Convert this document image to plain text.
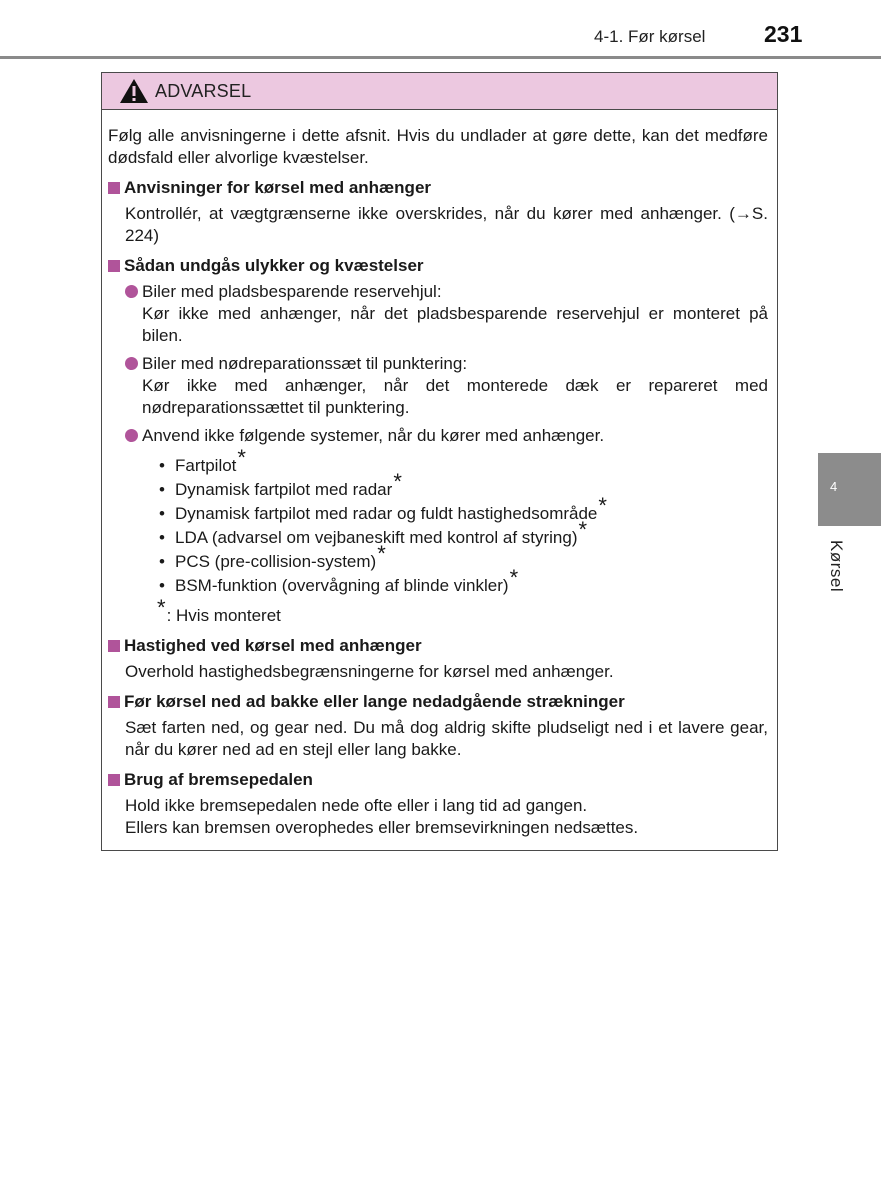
4-1. Før kørsel	231
4
Kørsel
ADVARSEL

Følg alle anvisningerne i dette afsnit. Hvis du undlader at gøre dette, kan det medføre dødsfald eller alvorlige kvæstelser.

Anvisninger for kørsel med anhænger

Kontrollér, at vægtgrænserne ikke overskrides, når du kører med anhænger. (→S. 224)

Sådan undgås ulykker og kvæstelser

Biler med pladsbesparende reservehjul:
Kør ikke med anhænger, når det pladsbesparende reservehjul er monteret på bilen.
Biler med nødreparationssæt til punktering:
Kør ikke med anhænger, når det monterede dæk er repareret med nødreparationssættet til punktering.
Anvend ikke følgende systemer, når du kører med anhænger.
• Fartpilot*
• Dynamisk fartpilot med radar*
• Dynamisk fartpilot med radar og fuldt hastighedsområde*
• LDA (advarsel om vejbaneskift med kontrol af styring)*
• PCS (pre-collision-system)*
• BSM-funktion (overvågning af blinde vinkler)*
*: Hvis monteret

Hastighed ved kørsel med anhænger

Overhold hastighedsbegrænsningerne for kørsel med anhænger.

Før kørsel ned ad bakke eller lange nedadgående strækninger

Sæt farten ned, og gear ned. Du må dog aldrig skifte pludseligt ned i et lavere gear, når du kører ned ad en stejl eller lang bakke.

Brug af bremsepedalen

Hold ikke bremsepedalen nede ofte eller i lang tid ad gangen.
Ellers kan bremsen overophedes eller bremsevirkningen nedsættes.
